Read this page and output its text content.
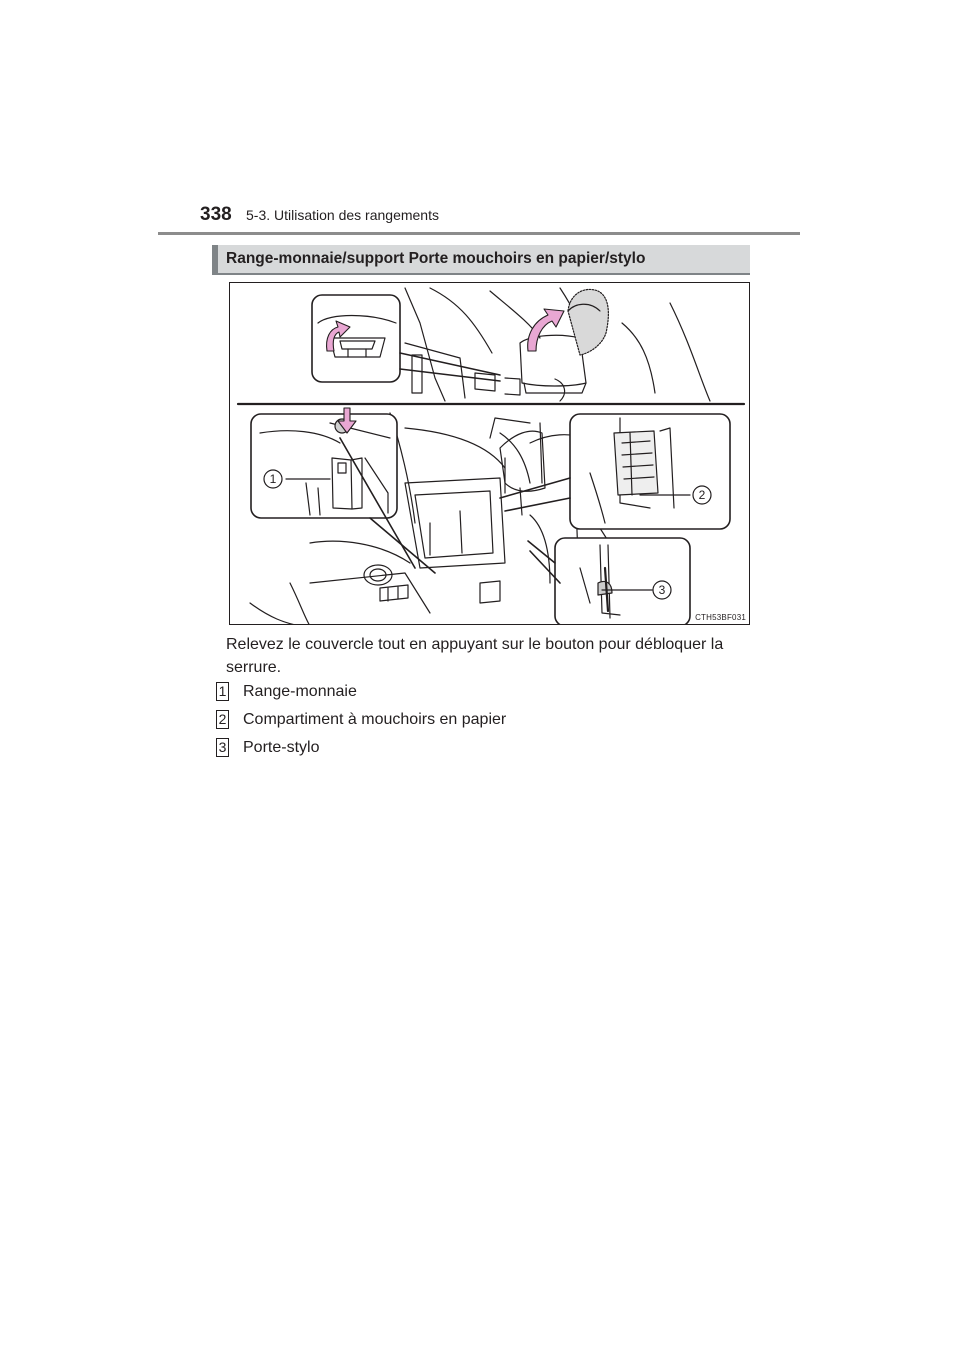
338 5-3. Utilisation des rangements
Range-monnaie/support Porte mouchoirs en papier/stylo
1
2
3
CTH53BF031
Relevez le couvercle tout en appuyant sur le bouton pour débloquer la serrure.
1 Range-monnaie
2 Compartiment à mouchoirs en papier
3 Porte-stylo
